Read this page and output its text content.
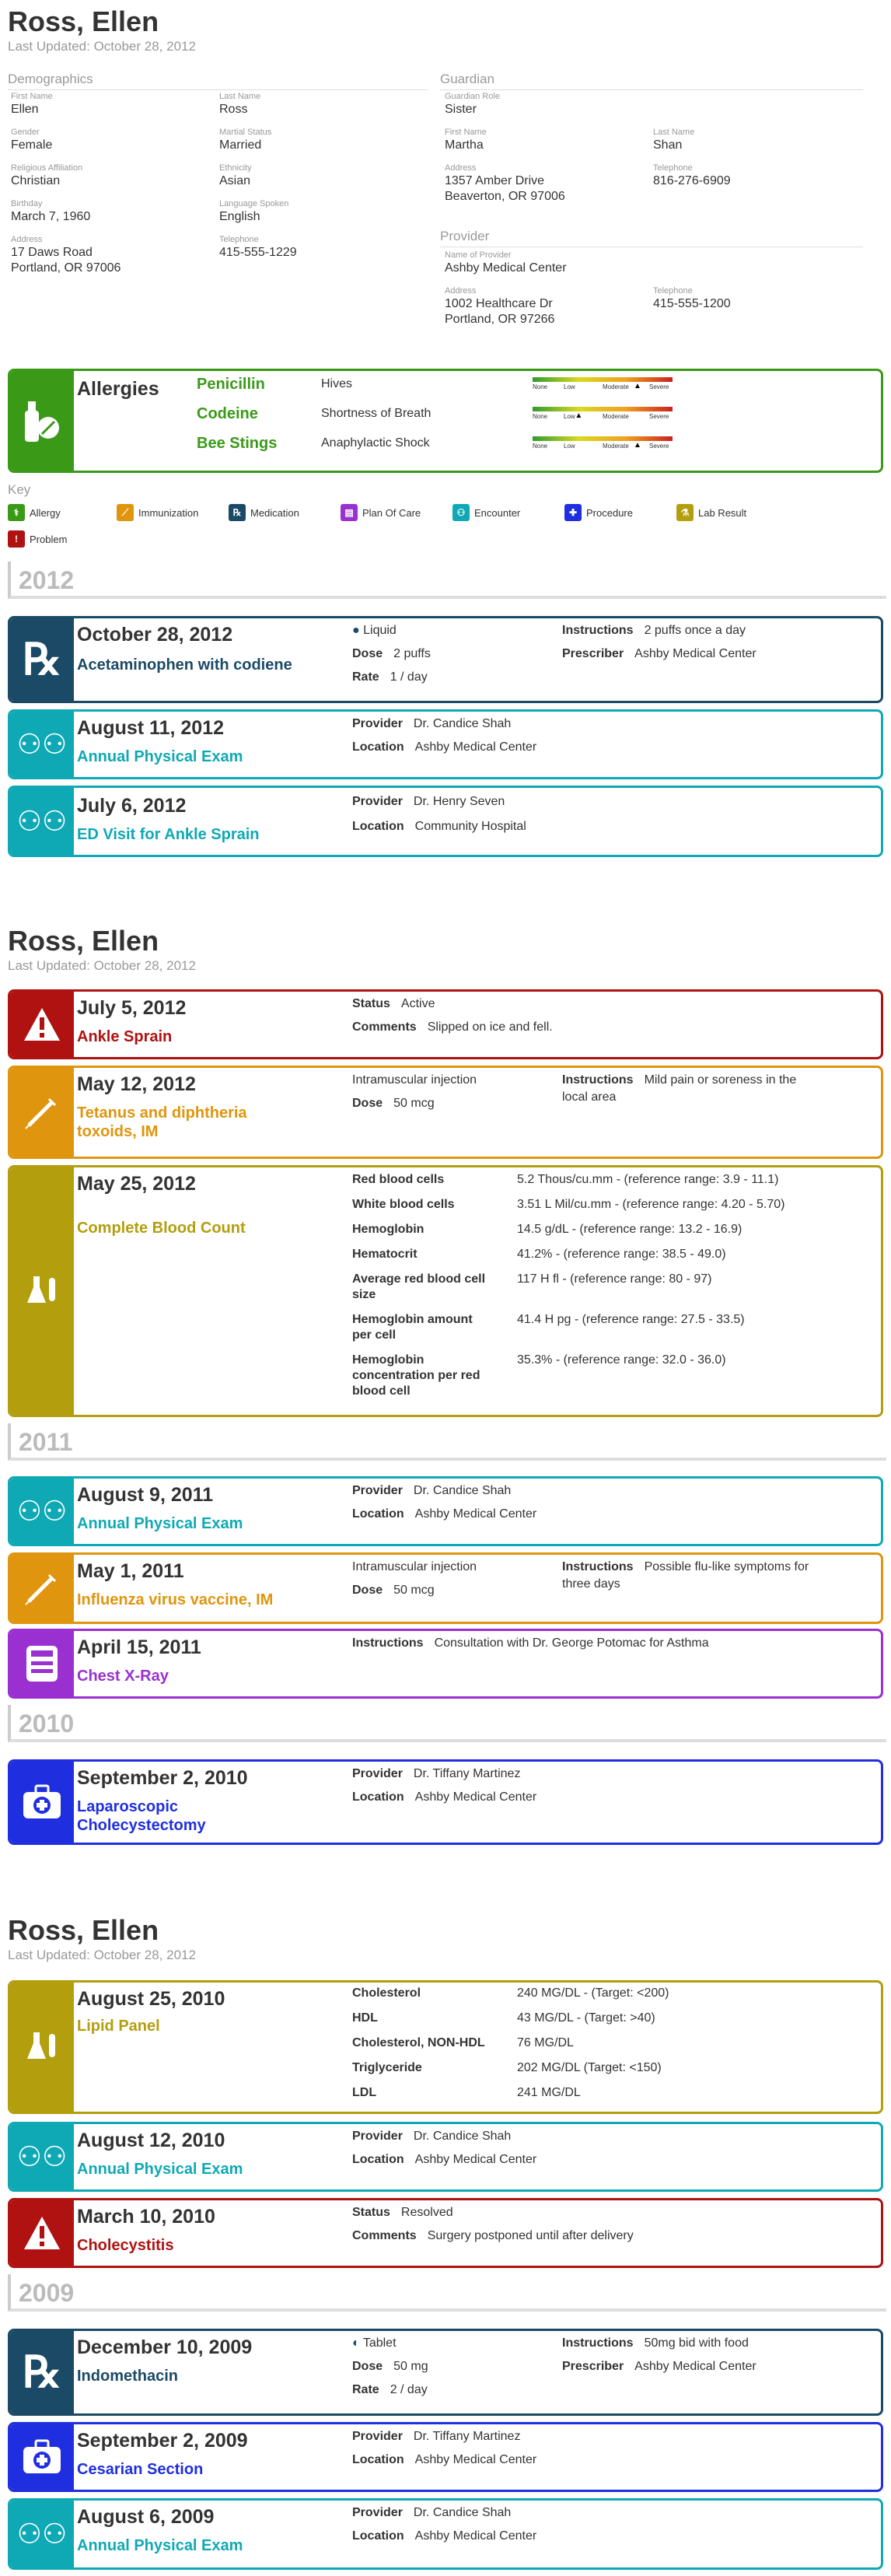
Ross, Ellen
Last Updated: October 28, 2012
Demographics
First Name
Ellen
Last Name
Ross
Gender
Female
Martial Status
Married
Religious Affiliation
Christian
Ethnicity
Asian
Birthday
March 7, 1960
Language Spoken
English
Address
17 Daws Road
Portland, OR 97006
Telephone
415-555-1229
Guardian
Guardian Role
Sister
First Name
Martha
Last Name
Shan
Address
1357 Amber Drive
Beaverton, OR 97006
Telephone
816-276-6909
Provider
Name of Provider
Ashby Medical Center
Address
1002 Healthcare Dr
Portland, OR 97266
Telephone
415-555-1200
Allergies Penicillin	Hives	None	Low	Moderate	Severe
▲
Codeine	Shortness of Breath	None	Low	Moderate	Severe
▲
Bee Stings	Anaphylactic Shock	None	Low	Moderate	Severe
▲
Key
⚕	Allergy	⟋ Immunization	℞ Medication	▤ Plan Of Care	⚇ Encounter	✚ Procedure	⚗ Lab Result
!	Problem
2012
℞ October 28, 2012
Acetaminophen with codiene
● Liquid
Dose 2 puffs
Rate 1 / day
Instructions 2 puffs once a day
Prescriber Ashby Medical Center
⚇⚇ August 11, 2012
Annual Physical Exam
Provider Dr. Candice Shah
Location Ashby Medical Center
⚇⚇ July 6, 2012
ED Visit for Ankle Sprain
Provider Dr. Henry Seven
Location Community Hospital
Ross, Ellen
Last Updated: October 28, 2012
July 5, 2012
Ankle Sprain
Status Active
Comments Slipped on ice and fell.
May 12, 2012
Tetanus and diphtheria
toxoids, IM
Intramuscular injection
Dose 50 mcg
Instructions Mild pain or soreness in the
local area
May 25, 2012
Complete Blood Count
Red blood cells	5.2 Thous/cu.mm - (reference range: 3.9 - 11.1)
White blood cells	3.51 L Mil/cu.mm - (reference range: 4.20 - 5.70)
Hemoglobin	14.5 g/dL - (reference range: 13.2 - 16.9)
Hematocrit	41.2% - (reference range: 38.5 - 49.0)
Average red blood cell
size
117 H fl - (reference range: 80 - 97)
Hemoglobin amount
per cell
41.4 H pg - (reference range: 27.5 - 33.5)
Hemoglobin
concentration per red
blood cell
35.3% - (reference range: 32.0 - 36.0)
2011
⚇⚇ August 9, 2011
Annual Physical Exam
Provider Dr. Candice Shah
Location Ashby Medical Center
May 1, 2011
Influenza virus vaccine, IM
Intramuscular injection
Dose 50 mcg
Instructions Possible flu-like symptoms for
three days
April 15, 2011
Chest X-Ray
Instructions Consultation with Dr. George Potomac for Asthma
2010
September 2, 2010
Laparoscopic
Cholecystectomy
Provider Dr. Tiffany Martinez
Location Ashby Medical Center
Ross, Ellen
Last Updated: October 28, 2012
August 25, 2010
Lipid Panel
Cholesterol	240 MG/DL - (Target: <200)
HDL	43 MG/DL - (Target: >40)
Cholesterol, NON-HDL	76 MG/DL
Triglyceride	202 MG/DL (Target: <150)
LDL	241 MG/DL
⚇⚇ August 12, 2010
Annual Physical Exam
Provider Dr. Candice Shah
Location Ashby Medical Center
March 10, 2010
Cholecystitis
Status Resolved
Comments Surgery postponed until after delivery
2009
℞ December 10, 2009
Indomethacin
◐ Tablet
Dose 50 mg
Rate 2 / day
Instructions 50mg bid with food
Prescriber Ashby Medical Center
September 2, 2009
Cesarian Section
Provider Dr. Tiffany Martinez
Location Ashby Medical Center
⚇⚇
August 6, 2009
Annual Physical Exam
Provider Dr. Candice Shah
Location Ashby Medical Center
